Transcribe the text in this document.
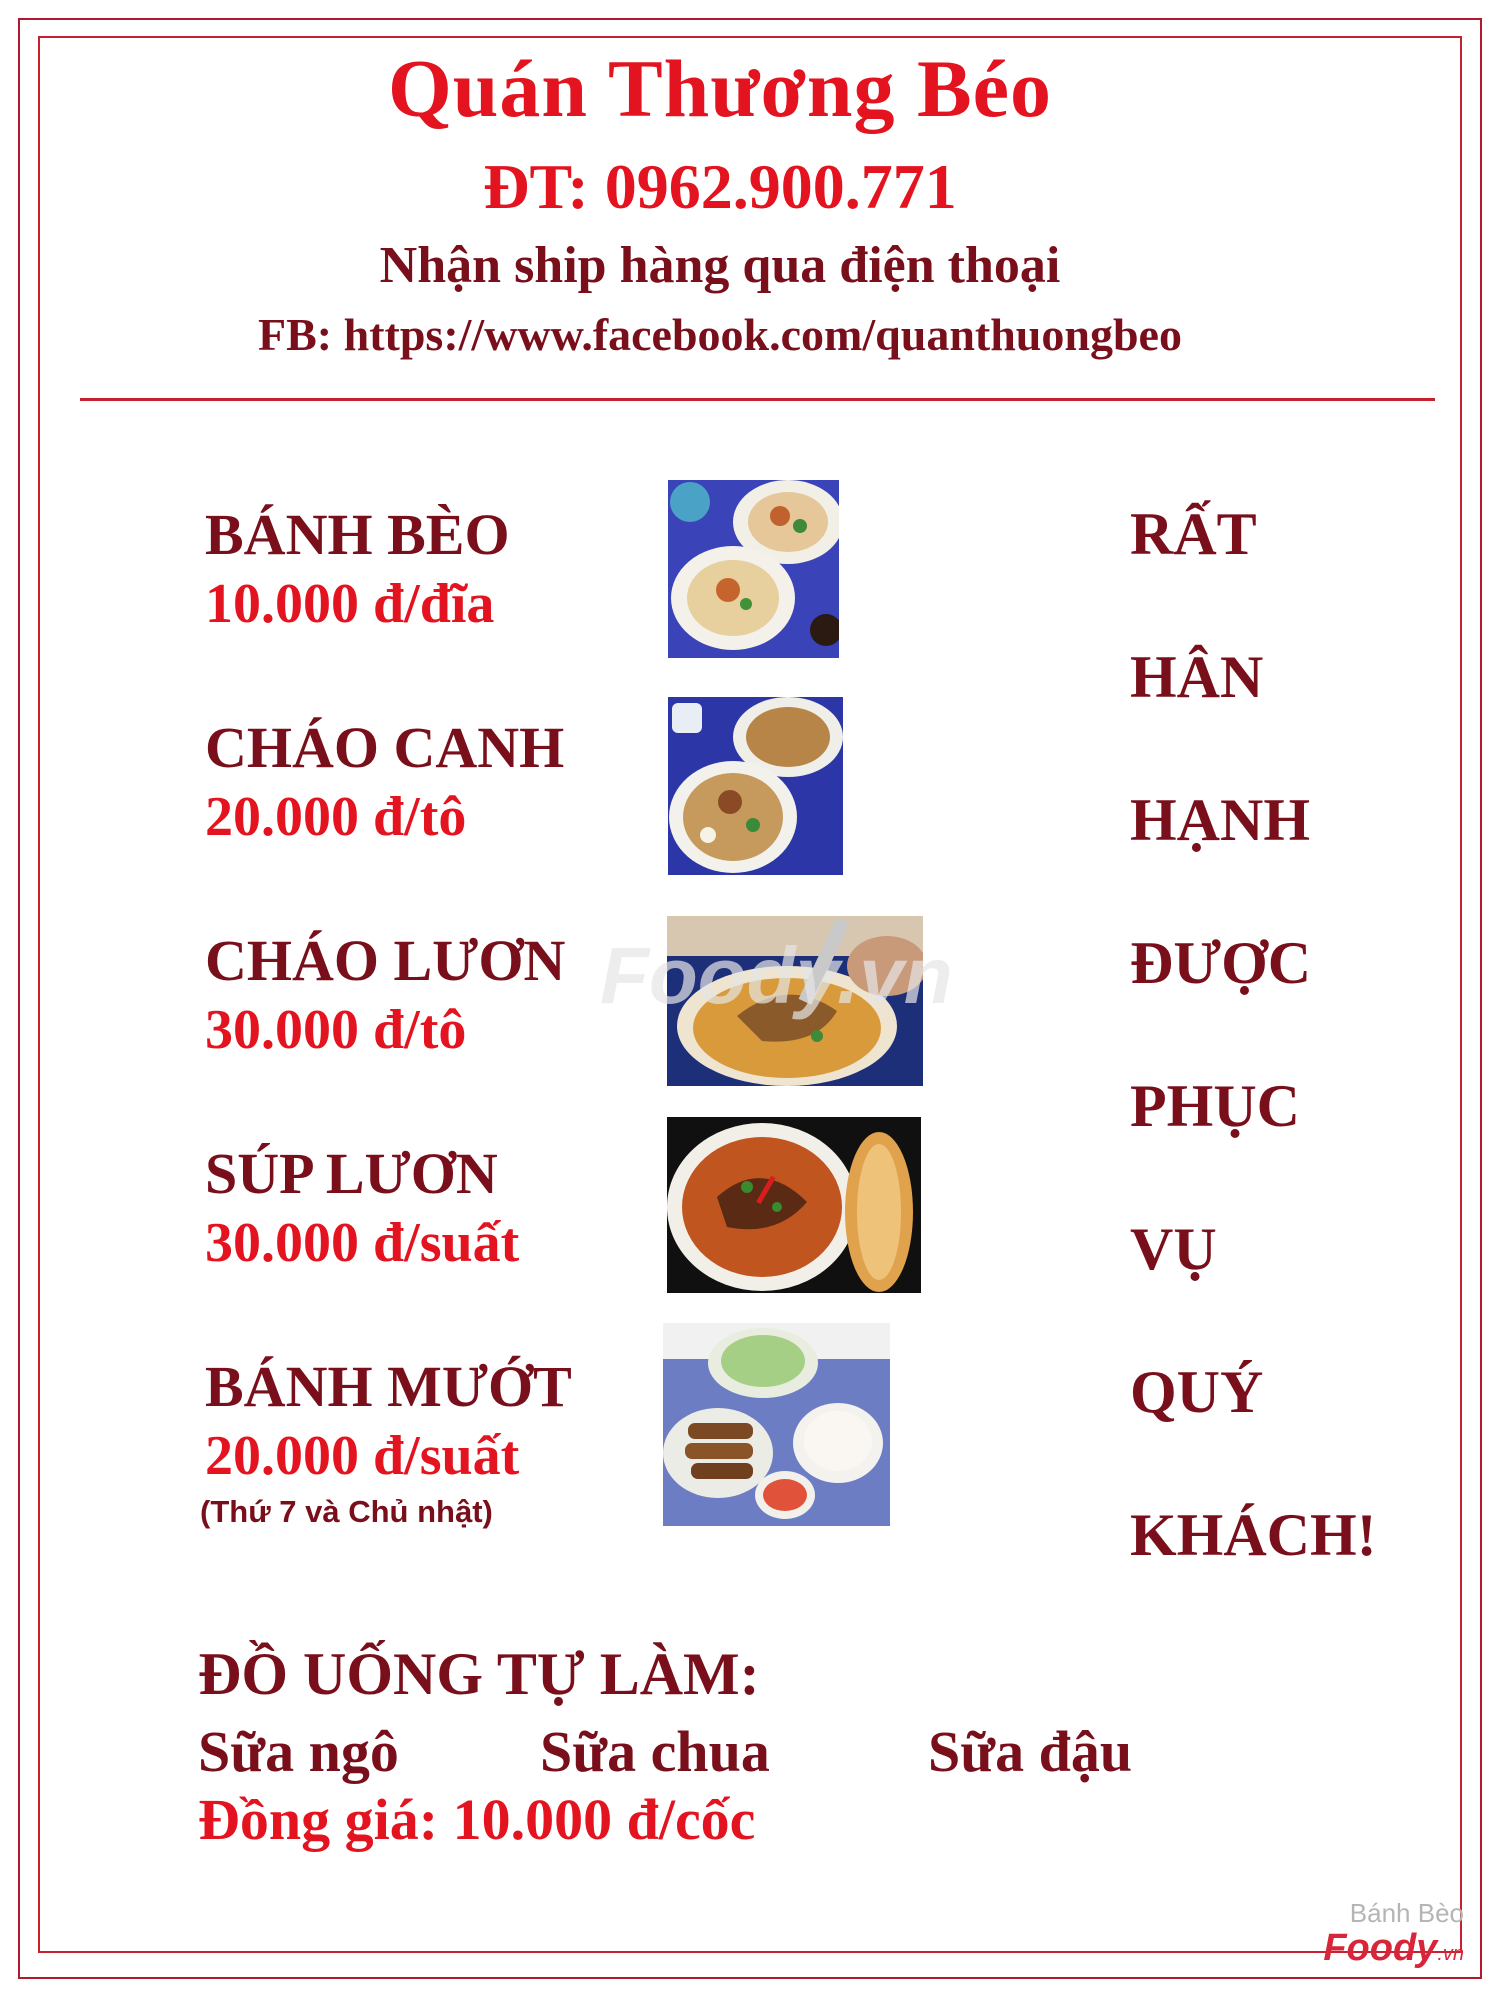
Quán Thương Béo
ĐT: 0962.900.771
Nhận ship hàng qua điện thoại
FB: https://www.facebook.com/quanthuongbeo
BÁNH BÈO
10.000 đ/đĩa
CHÁO CANH
20.000 đ/tô
CHÁO LƯƠN
30.000 đ/tô
SÚP LƯƠN
30.000 đ/suất
BÁNH MƯỚT
20.000 đ/suất
(Thứ 7 và Chủ nhật)
RẤT
HÂN
HẠNH
ĐƯỢC
PHỤC
VỤ
QUÝ
KHÁCH!
ĐỒ UỐNG TỰ LÀM:
Sữa ngô Sữa chua	Sữa đậu
Đồng giá: 10.000 đ/cốc
Foody.vn
Bánh Bèo
Foody.vn
